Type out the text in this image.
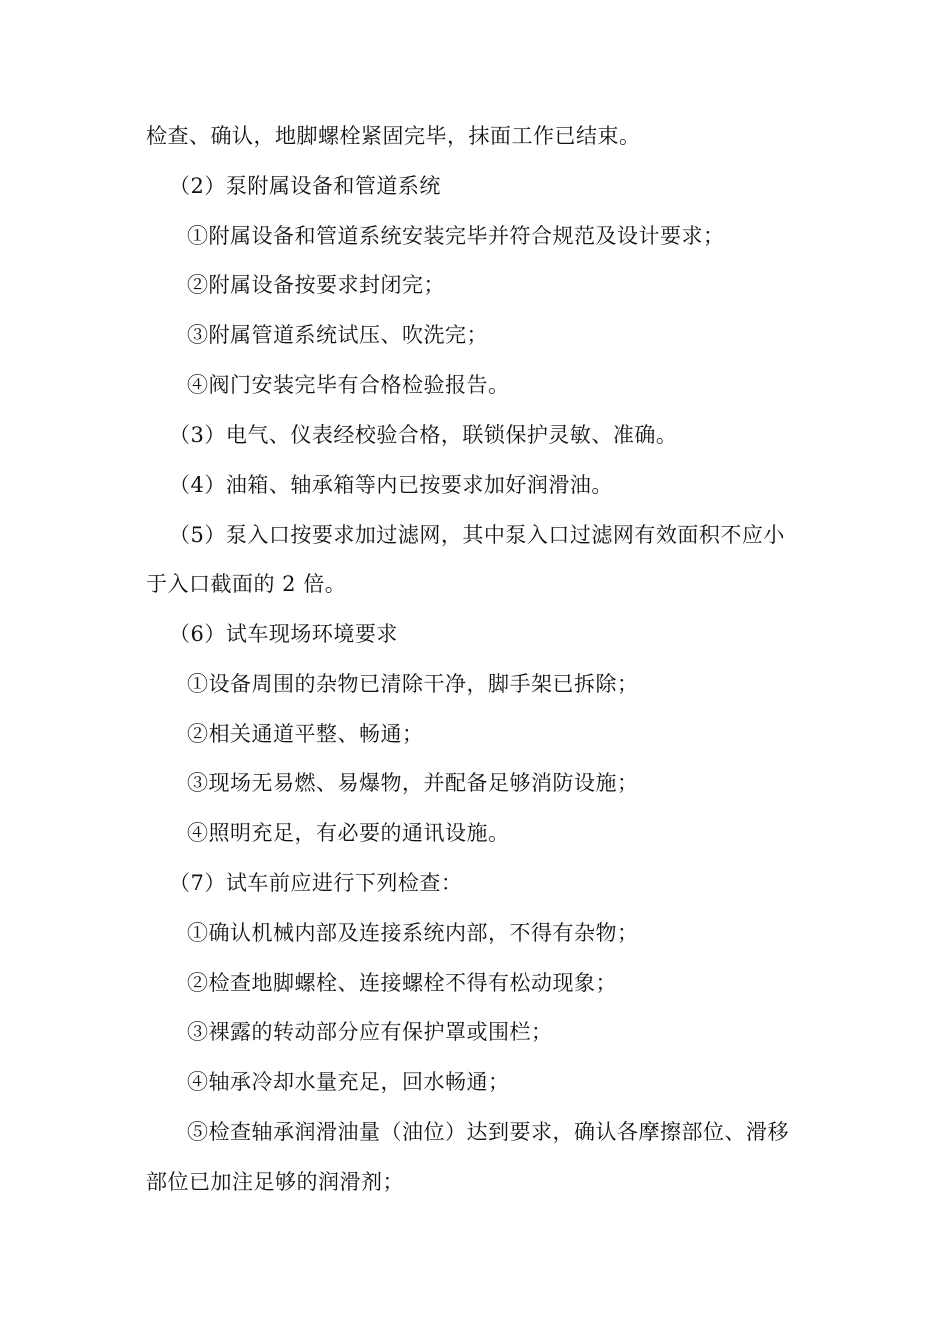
检查、确认，地脚螺栓紧固完毕，抹面工作已结束。
（2）泵附属设备和管道系统
①附属设备和管道系统安装完毕并符合规范及设计要求；
②附属设备按要求封闭完；
③附属管道系统试压、吹洗完；
④阀门安装完毕有合格检验报告。
（3）电气、仪表经校验合格，联锁保护灵敏、准确。
（4）油箱、轴承箱等内已按要求加好润滑油。
（5）泵入口按要求加过滤网，其中泵入口过滤网有效面积不应小
于入口截面的 2 倍。
（6）试车现场环境要求
①设备周围的杂物已清除干净，脚手架已拆除；
②相关通道平整、畅通；
③现场无易燃、易爆物，并配备足够消防设施；
④照明充足，有必要的通讯设施。
（7）试车前应进行下列检查：
①确认机械内部及连接系统内部，不得有杂物；
②检查地脚螺栓、连接螺栓不得有松动现象；
③裸露的转动部分应有保护罩或围栏；
④轴承冷却水量充足，回水畅通；
⑤检查轴承润滑油量（油位）达到要求，确认各摩擦部位、滑移
部位已加注足够的润滑剂；
